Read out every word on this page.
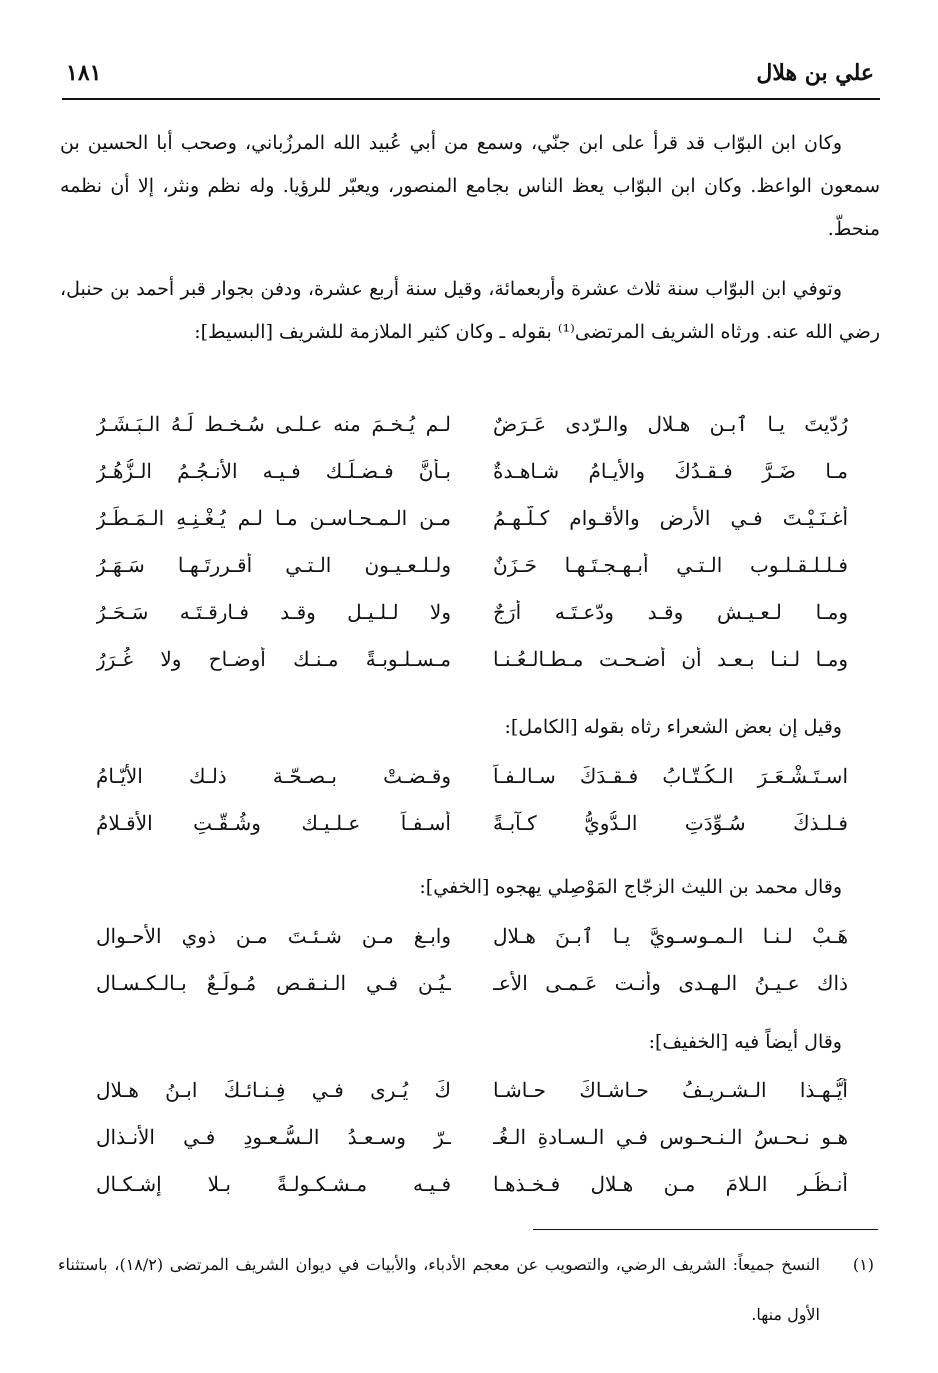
علي بن هلال
١٨١

وكان ابن البوّاب قد قرأ على ابن جنّي، وسمع من أبي عُبيد الله المرزُباني، وصحب أبا الحسين بن سمعون الواعظ. وكان ابن البوّاب يعظ الناس بجامع المنصور، ويعبّر للرؤيا. وله نظم ونثر، إلا أن نظمه منحطّ.

وتوفي ابن البوّاب سنة ثلاث عشرة وأربعمائة، وقيل سنة أربع عشرة، ودفن بجوار قبر أحمد بن حنبل، رضي الله عنه. ورثاه الشريف المرتضى⁽¹⁾ بقوله ـ وكان كثير الملازمة للشريف [البسيط]:

رُدّيتَ يـا ٱبـن هـلالٍ والـرّدى عَـرَضٌ
لـم يُـخـمَ منه عـلـى سُـخـط لَـهُ الـبَـشَـرُ
مـا ضَـرَّ فـقـدُكَ والأيـامُ شـاهـدةٌ
بـأنَّ فـضـلَـك فـيـه الأنـجُـمُ الـزُّهُـرُ
أغـنَـيْـتَ فـي الأرضِ والأقـوام كـلّـهـمُ
مـن الـمـحـاسـن مـا لـم يُـغْـنِـهِ الـمَـطَـرُ
فـلـلـقـلـوب الـتـي أبـهـجـتَـهـا حَـزَنٌ
ولـلـعـيـون الـتـي أقـررتَـهـا سَـهَـرُ
ومـا لـعـيـشٍ وقـد ودّعـتَـه أرَجٌ
ولا لـلـيـلٍ وقـد فـارقـتَـه سَـحَـرُ
ومـا لـنـا بـعـد أن أضـحـت مـطـالـعُـنـا
مـسـلـوبـةً مـنـك أوضـاح ولا غُـرَرُ
وقيل إن بعض الشعراء رثاه بقوله [الكامل]:
اسـتَـشْـعَـرَ الـكُـتّـابُ فـقـدَكَ سـالـفـاً
وقـضـتْ بـصـحّـة ذلـك الأيّـامُ
فـلـذكَ سُـوِّدَتِ الـدُّويُّ كـآبـةً
أسـفـاً عـلـيـك وشُـقّـتِ الأقـلامُ
وقال محمد بن الليث الزجّاج المَوْصِلي يهجوه [الخفي]:
هَـبْ لـنـا الـمـوسـويَّ يـا ٱبـنَ هـلالٍ
وابـغِ مـن شـئـتَ مـن ذوي الأحـوالِ
ذاك عـيـنُ الـهـدى وأنـت عَـمـى الأعـ
ـيُـنِ فـي الـنـقـص مُـولَـعٌ بـالـكـسـالِ
وقال أيضاً فيه [الخفيف]:
أيُّـهـذا الـشـريـفُ حـاشـاكَ حـاشـا
كَ يُـرى فـي فِـنـائـكَ ابـنُ هـلالِ
هـو نـحـسُ الـنـحـوس فـي الـسـادةِ الـغُـ
ـرّ وسـعـدُ الـسُّـعـودِ فـي الأنـذالِ
أُنـظُـرِ الـلامَ مـن هـلالٍ فـخـذهـا
فـيـه مـشـكـولـةً بـلا إشـكـالِ
(١)
النسخ جميعاً: الشريف الرضي، والتصويب عن معجم الأدباء، والأبيات في ديوان الشريف المرتضى (١٨/٢)، باستثناء الأول منها.
